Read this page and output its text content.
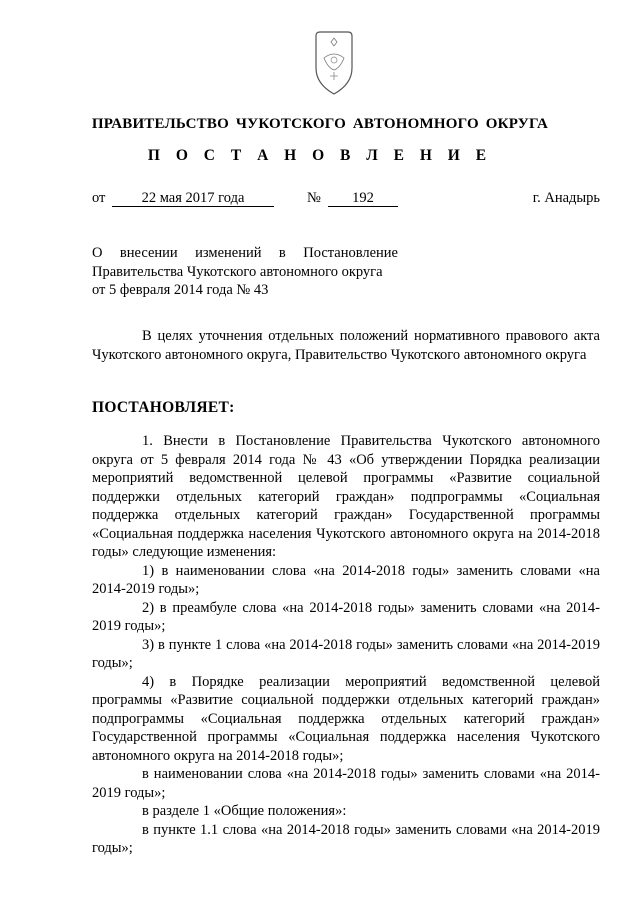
ПРАВИТЕЛЬСТВО ЧУКОТСКОГО АВТОНОМНОГО ОКРУГА
П О С Т А Н О В Л Е Н И Е
от	22 мая 2017 года	№	192	г. Анадырь
О внесении изменений в Постановление
Правительства Чукотского автономного округа
от 5 февраля 2014 года № 43

В целях уточнения отдельных положений нормативного правового акта Чукотского автономного округа, Правительство Чукотского автономного округа

ПОСТАНОВЛЯЕТ:

1. Внести в Постановление Правительства Чукотского автономного округа от 5 февраля 2014 года № 43 «Об утверждении Порядка реализации мероприятий ведомственной целевой программы «Развитие социальной поддержки отдельных категорий граждан» подпрограммы «Социальная поддержка отдельных категорий граждан» Государственной программы «Социальная поддержка населения Чукотского автономного округа на 2014-2018 годы» следующие изменения:

1) в наименовании слова «на 2014-2018 годы» заменить словами «на 2014-2019 годы»;

2) в преамбуле слова «на 2014-2018 годы» заменить словами «на 2014-2019 годы»;

3) в пункте 1 слова «на 2014-2018 годы» заменить словами «на 2014-2019 годы»;

4) в Порядке реализации мероприятий ведомственной целевой программы «Развитие социальной поддержки отдельных категорий граждан» подпрограммы «Социальная поддержка отдельных категорий граждан» Государственной программы «Социальная поддержка населения Чукотского автономного округа на 2014-2018 годы»;

в наименовании слова «на 2014-2018 годы» заменить словами «на 2014-2019 годы»;

в разделе 1 «Общие положения»:

в пункте 1.1 слова «на 2014-2018 годы» заменить словами «на 2014-2019 годы»;
